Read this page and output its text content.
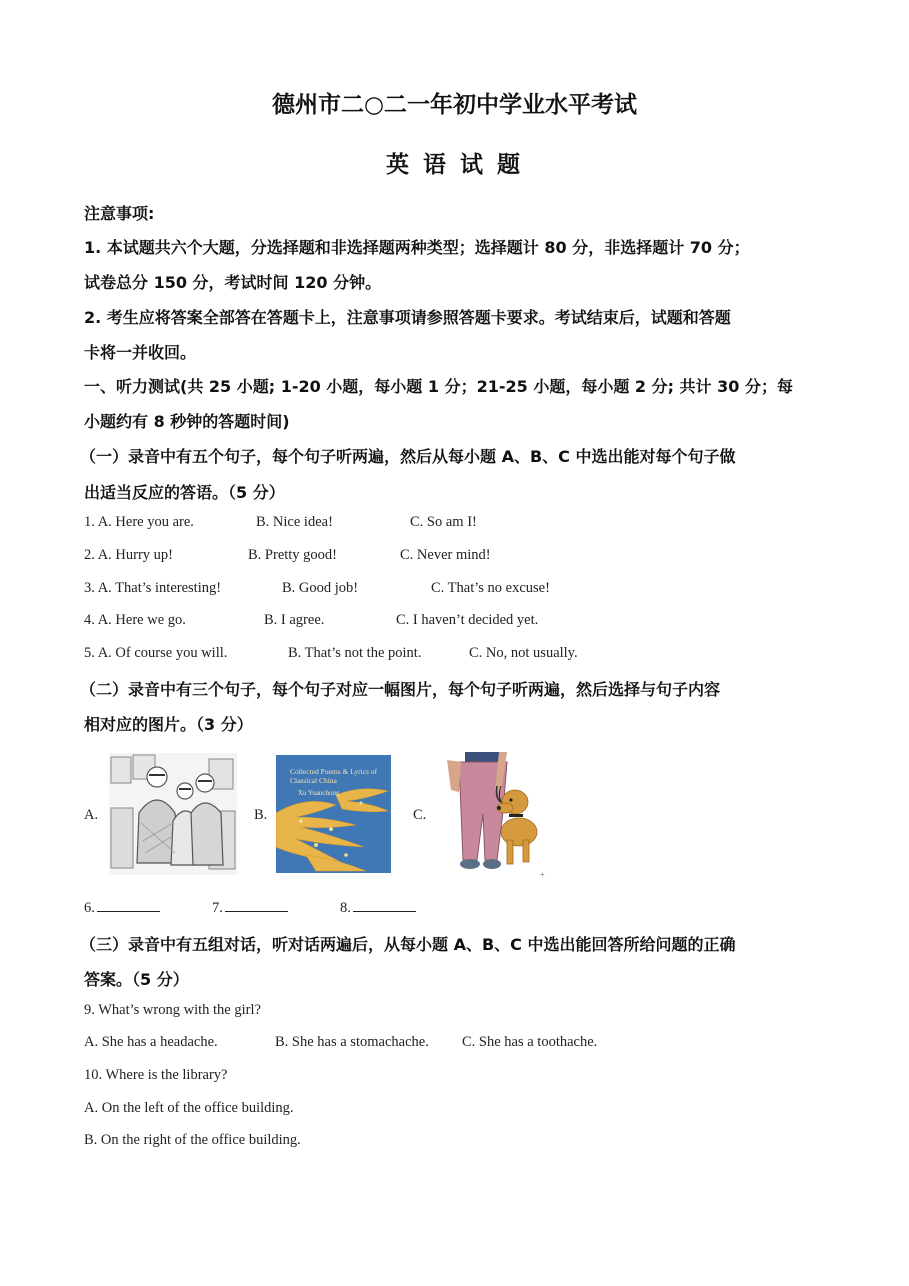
德州市二○二一年初中学业水平考试
英 语 试 题
注意事项:
1. 本试题共六个大题，分选择题和非选择题两种类型；选择题计 80 分，非选择题计 70 分；
试卷总分 150 分，考试时间 120 分钟。
2. 考生应将答案全部答在答题卡上，注意事项请参照答题卡要求。考试结束后，试题和答题
卡将一并收回。
一、听力测试(共 25 小题; 1-20 小题，每小题 1 分；21-25 小题，每小题 2 分; 共计 30 分；每
小题约有 8 秒钟的答题时间)
（一）录音中有五个句子，每个句子听两遍，然后从每小题 A、B、C 中选出能对每个句子做
出适当反应的答语。（5 分）
1. A. Here you are.	B. Nice idea!	C. So am I!
2. A. Hurry up!	B. Pretty good!	C. Never mind!
3. A. That’s interesting!	B. Good job!	C. That’s no excuse!
4. A. Here we go.	B. I agree.	C. I haven’t decided yet.
5. A. Of course you will.	B. That’s not the point.	C. No, not usually.
（二）录音中有三个句子，每个句子对应一幅图片，每个句子听两遍，然后选择与句子内容
相对应的图片。（3 分）
A.	B.
Collected Poems & Lyrics of Classical China
Xu Yuanchong
C.
+
6.	7.	8.
（三）录音中有五组对话，听对话两遍后，从每小题 A、B、C 中选出能回答所给问题的正确
答案。（5 分）
9. What’s wrong with the girl?
A. She has a headache.	B. She has a stomachache. C. She has a toothache.
10. Where is the library?
A. On the left of the office building.
B. On the right of the office building.
